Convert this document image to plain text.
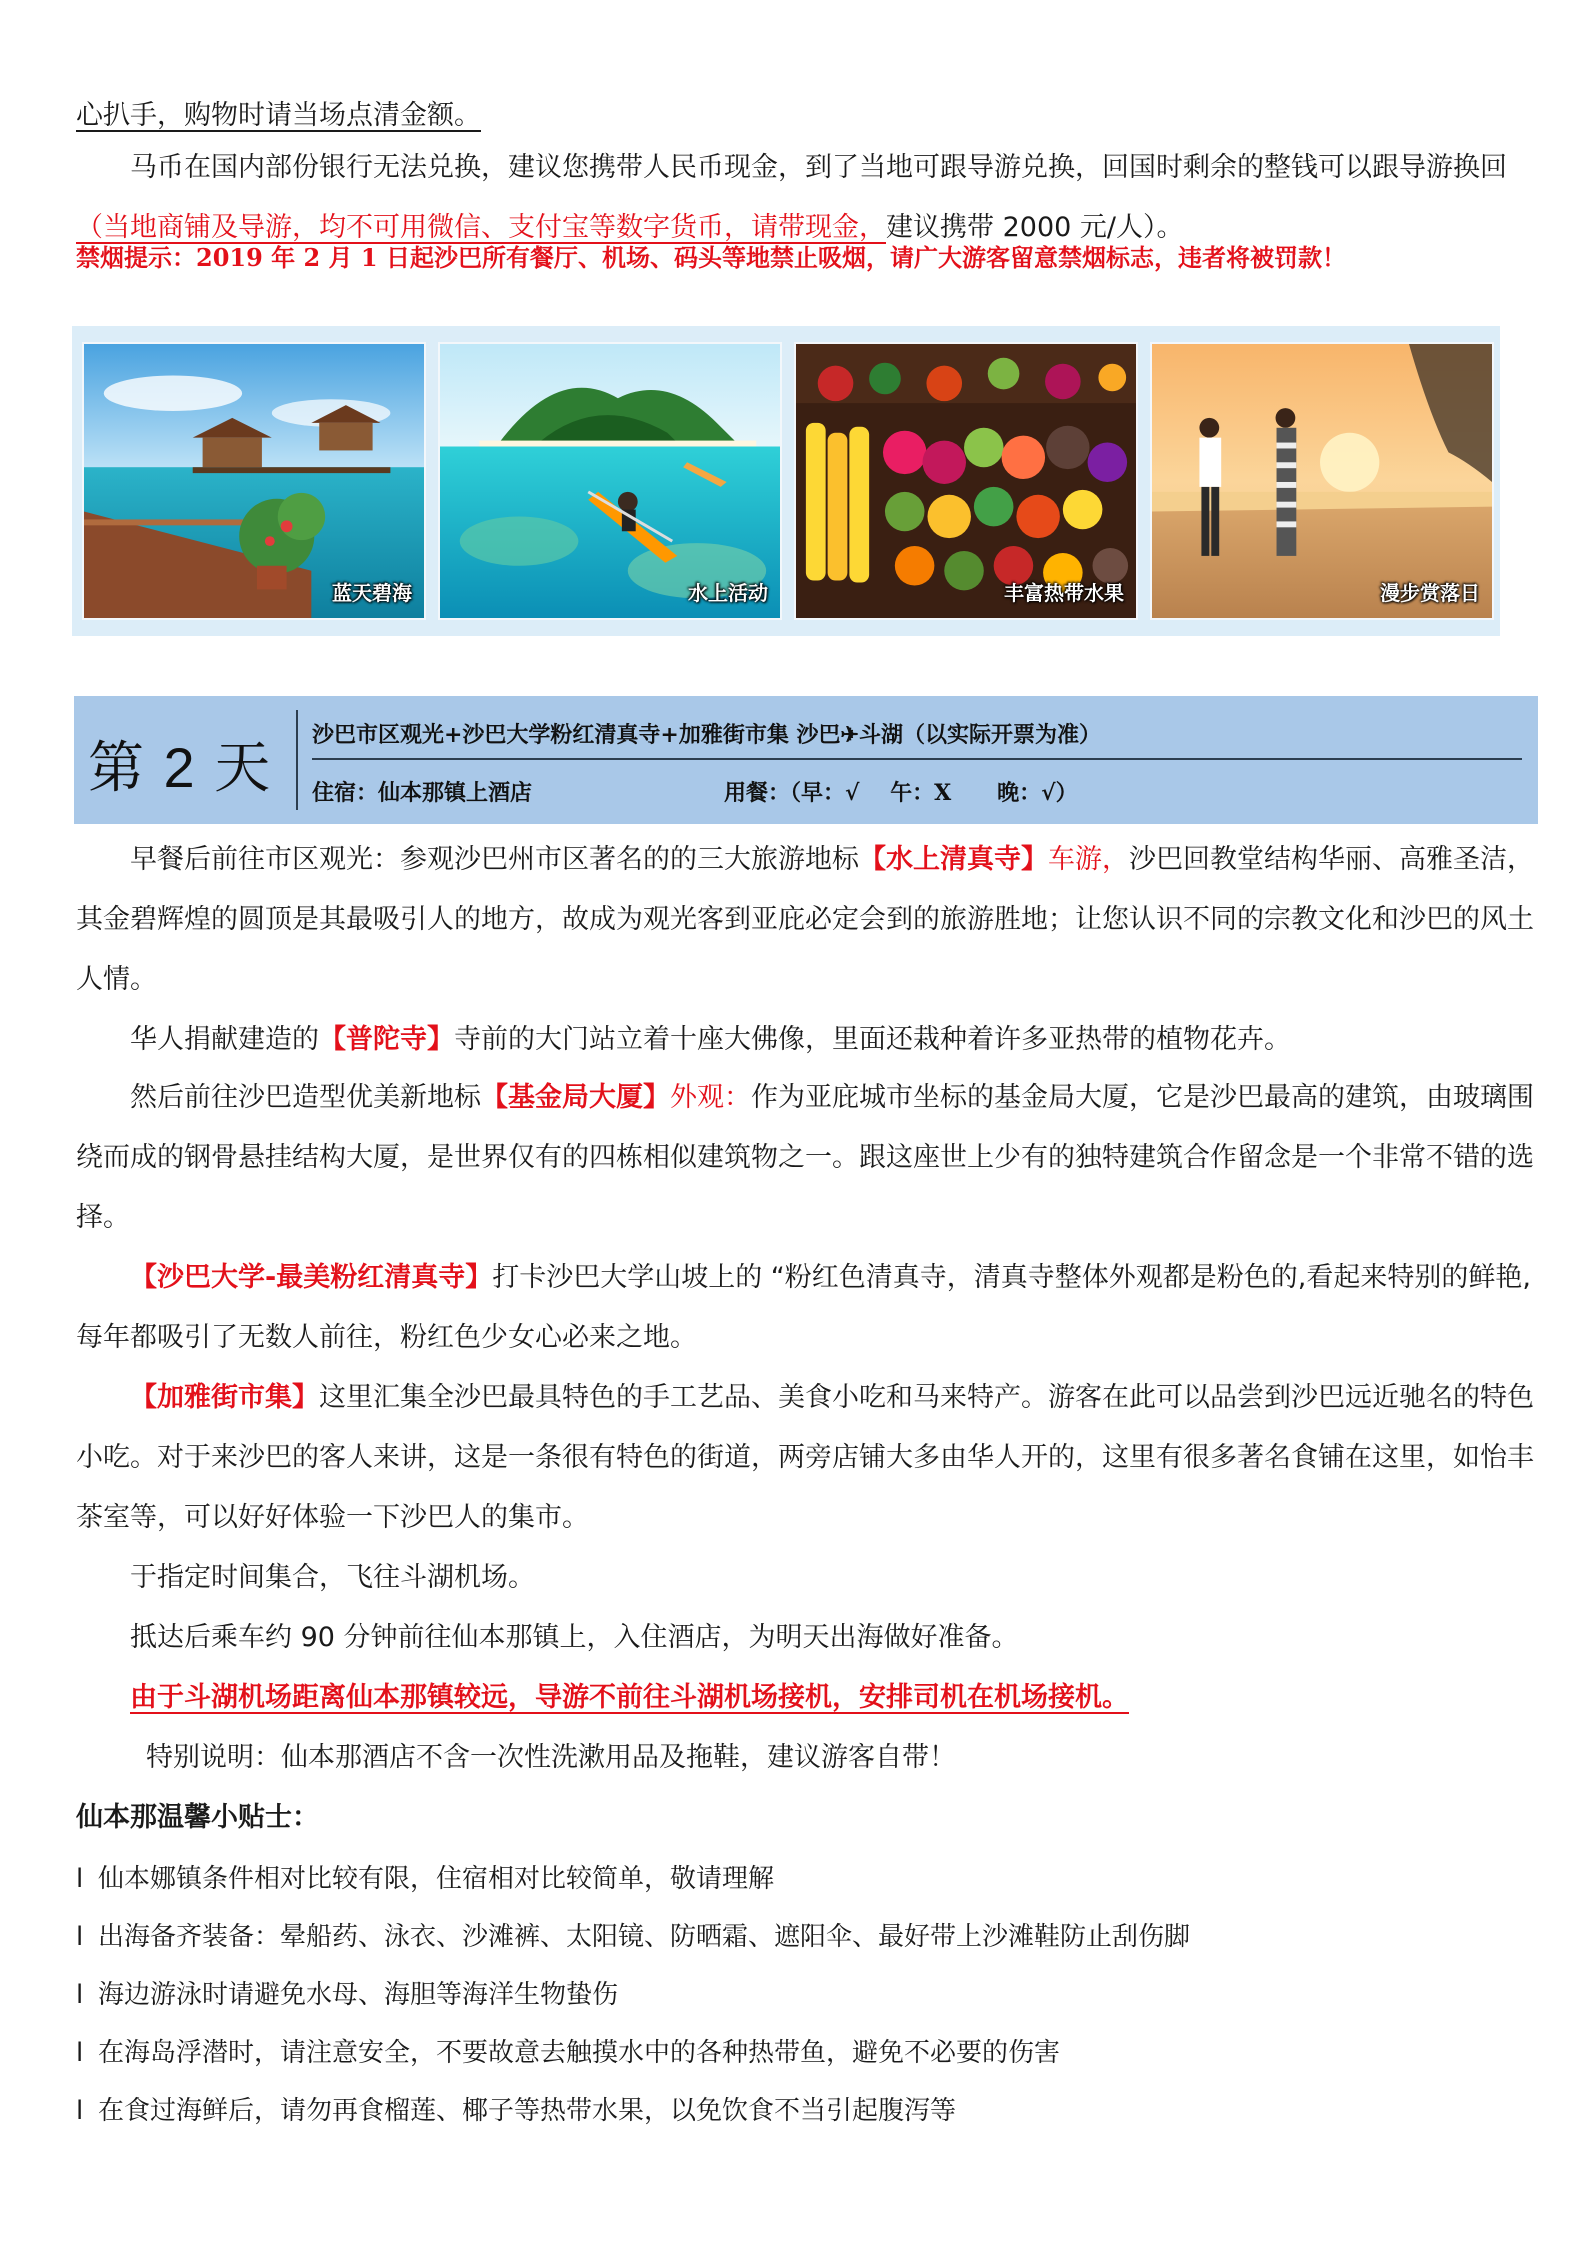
心扒手，购物时请当场点清金额。

马币在国内部份银行无法兑换，建议您携带人民币现金，到了当地可跟导游兑换，回国时剩余的整钱可以跟导游换回（当地商铺及导游，均不可用微信、支付宝等数字货币，请带现金，建议携带 2000 元/人）。

禁烟提示：2019 年 2 月 1 日起沙巴所有餐厅、机场、码头等地禁止吸烟，请广大游客留意禁烟标志，违者将被罚款！

蓝天碧海	水上活动	丰富热带水果	漫步赏落日
第 2 天
沙巴市区观光+沙巴大学粉红清真寺+加雅街市集 沙巴✈斗湖（以实际开票为准）
住宿：仙本那镇上酒店	用餐：（早：√    午：X      晚：√）

早餐后前往市区观光：参观沙巴州市区著名的的三大旅游地标【水上清真寺】车游，沙巴回教堂结构华丽、高雅圣洁， 其金碧辉煌的圆顶是其最吸引人的地方，故成为观光客到亚庇必定会到的旅游胜地；让您认识不同的宗教文化和沙巴的风土人情。

华人捐献建造的【普陀寺】寺前的大门站立着十座大佛像，里面还栽种着许多亚热带的植物花卉。

然后前往沙巴造型优美新地标【基金局大厦】外观：作为亚庇城市坐标的基金局大厦，它是沙巴最高的建筑，由玻璃围绕而成的钢骨悬挂结构大厦，是世界仅有的四栋相似建筑物之一。跟这座世上少有的独特建筑合作留念是一个非常不错的选择。

【沙巴大学-最美粉红清真寺】打卡沙巴大学山坡上的 “粉红色清真寺，清真寺整体外观都是粉色的,看起来特别的鲜艳,每年都吸引了无数人前往，粉红色少女心必来之地。

【加雅街市集】这里汇集全沙巴最具特色的手工艺品、美食小吃和马来特产。游客在此可以品尝到沙巴远近驰名的特色小吃。对于来沙巴的客人来讲，这是一条很有特色的街道，两旁店铺大多由华人开的，这里有很多著名食铺在这里，如怡丰茶室等，可以好好体验一下沙巴人的集市。

于指定时间集合，飞往斗湖机场。

抵达后乘车约 90 分钟前往仙本那镇上，入住酒店，为明天出海做好准备。

由于斗湖机场距离仙本那镇较远，导游不前往斗湖机场接机，安排司机在机场接机。

特别说明：仙本那酒店不含一次性洗漱用品及拖鞋，建议游客自带！

仙本那温馨小贴士：
l 仙本娜镇条件相对比较有限，住宿相对比较简单，敬请理解
l 出海备齐装备：晕船药、泳衣、沙滩裤、太阳镜、防晒霜、遮阳伞、最好带上沙滩鞋防止刮伤脚
l 海边游泳时请避免水母、海胆等海洋生物蛰伤
l 在海岛浮潜时，请注意安全，不要故意去触摸水中的各种热带鱼，避免不必要的伤害
l 在食过海鲜后，请勿再食榴莲、椰子等热带水果，以免饮食不当引起腹泻等
